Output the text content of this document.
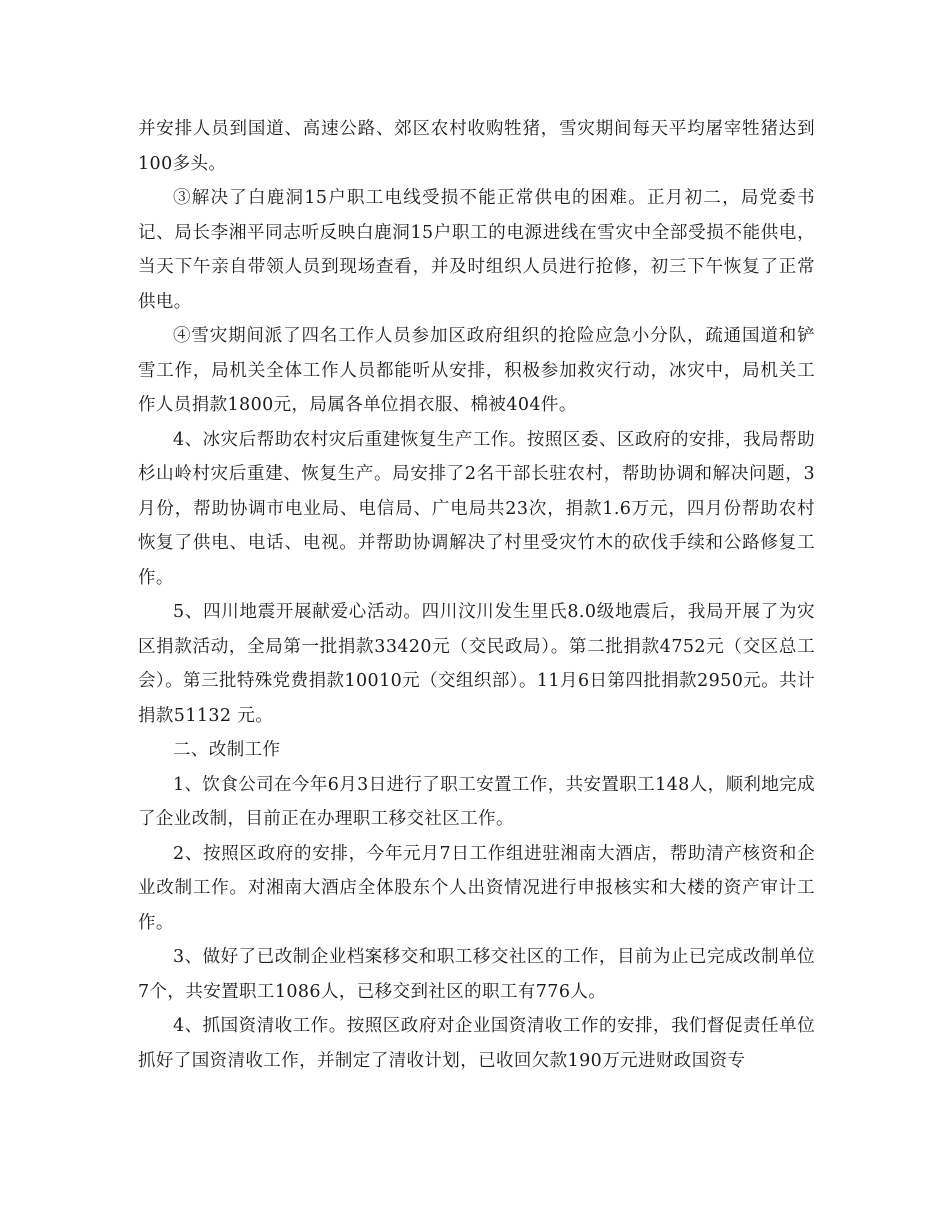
并安排人员到国道、高速公路、郊区农村收购牲猪，雪灾期间每天平均屠宰牲猪达到100多头。

③解决了白鹿洞15户职工电线受损不能正常供电的困难。正月初二，局党委书记、局长李湘平同志听反映白鹿洞15户职工的电源进线在雪灾中全部受损不能供电，当天下午亲自带领人员到现场查看，并及时组织人员进行抢修，初三下午恢复了正常供电。

④雪灾期间派了四名工作人员参加区政府组织的抢险应急小分队，疏通国道和铲雪工作，局机关全体工作人员都能听从安排，积极参加救灾行动，冰灾中，局机关工作人员捐款1800元，局属各单位捐衣服、棉被404件。

4、冰灾后帮助农村灾后重建恢复生产工作。按照区委、区政府的安排，我局帮助杉山岭村灾后重建、恢复生产。局安排了2名干部长驻农村，帮助协调和解决问题，3月份，帮助协调市电业局、电信局、广电局共23次，捐款1.6万元，四月份帮助农村恢复了供电、电话、电视。并帮助协调解决了村里受灾竹木的砍伐手续和公路修复工作。

5、四川地震开展献爱心活动。四川汶川发生里氏8.0级地震后，我局开展了为灾区捐款活动，全局第一批捐款33420元（交民政局）。第二批捐款4752元（交区总工会）。第三批特殊党费捐款10010元（交组织部）。11月6日第四批捐款2950元。共计捐款51132 元。

二、改制工作

1、饮食公司在今年6月3日进行了职工安置工作，共安置职工148人，顺利地完成了企业改制，目前正在办理职工移交社区工作。

2、按照区政府的安排，今年元月7日工作组进驻湘南大酒店，帮助清产核资和企业改制工作。对湘南大酒店全体股东个人出资情况进行申报核实和大楼的资产审计工作。

3、做好了已改制企业档案移交和职工移交社区的工作，目前为止已完成改制单位7个，共安置职工1086人，已移交到社区的职工有776人。

4、抓国资清收工作。按照区政府对企业国资清收工作的安排，我们督促责任单位抓好了国资清收工作，并制定了清收计划，已收回欠款190万元进财政国资专
